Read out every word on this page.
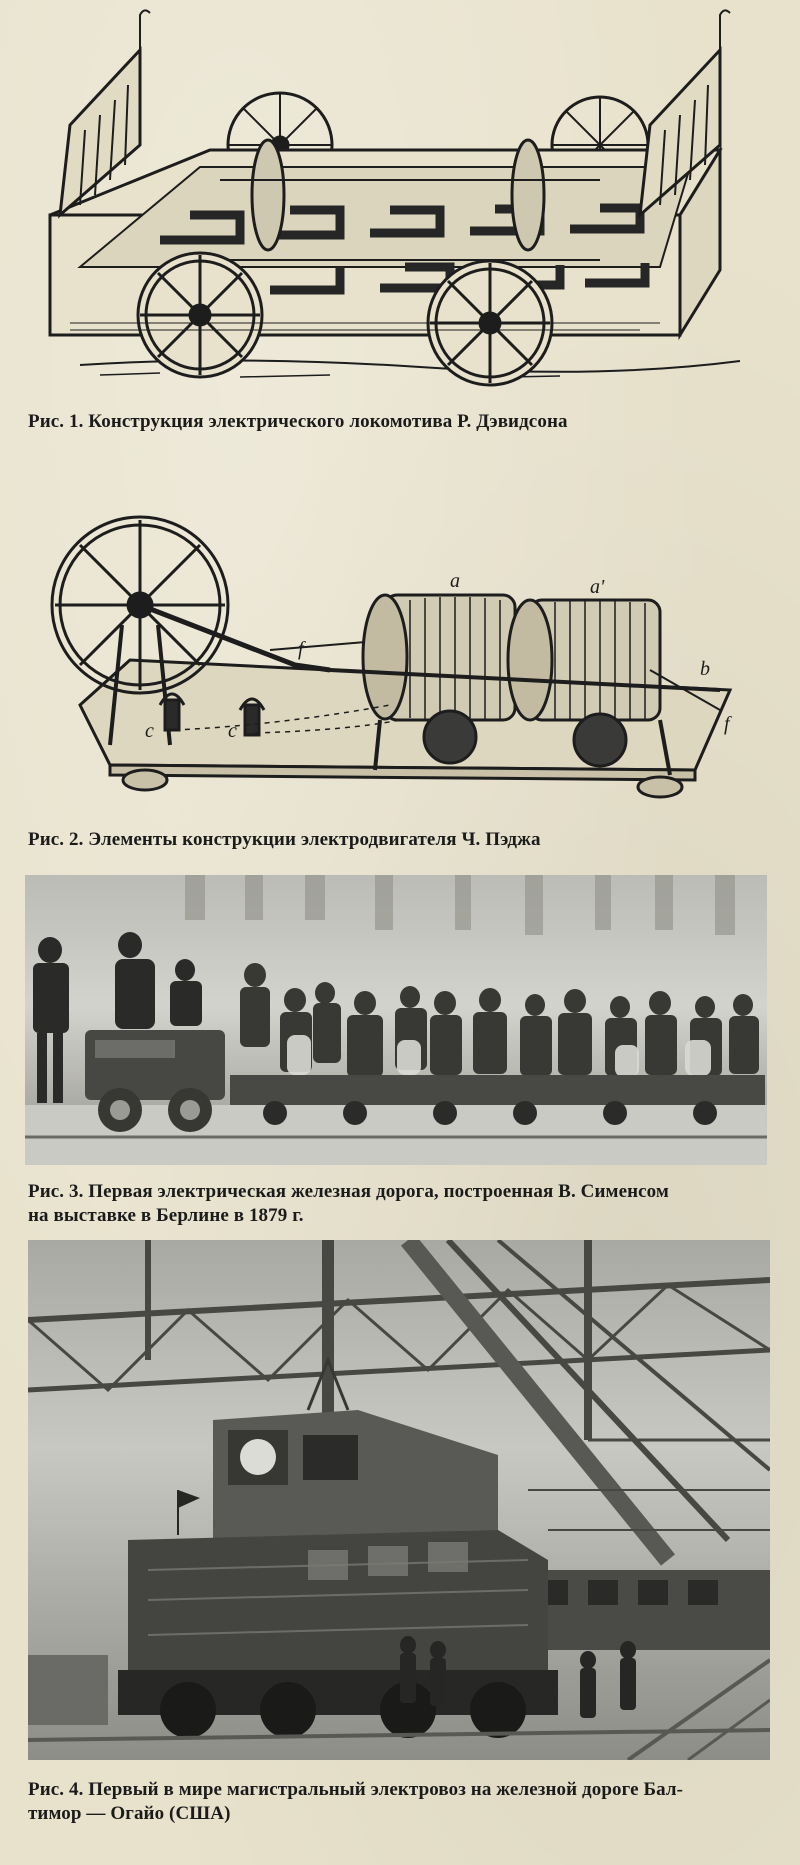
Рис. 1. Конструкция электрического локомотива Р. Дэвидсона
f
a	a'
b
f
c	c
Рис. 2. Элементы конструкции электродвигателя Ч. Пэджа
Рис. 3. Первая электрическая железная дорога, построенная В. Сименсом
на выставке в Берлине в 1879 г.
Рис. 4. Первый в мире магистральный электровоз на железной дороге Бал-
тимор — Огайо (США)
